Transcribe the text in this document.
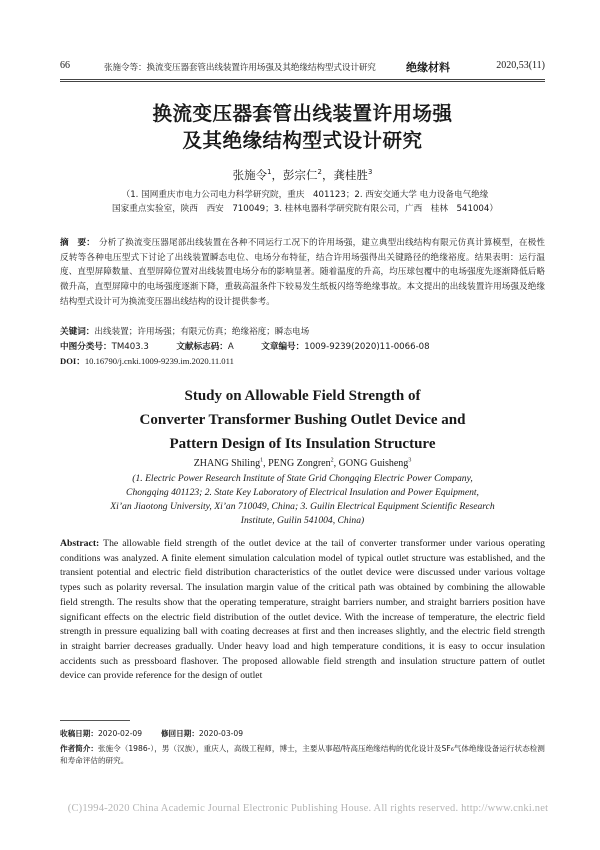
66	张施令等：换流变压器套管出线装置许用场强及其绝缘结构型式设计研究	绝缘材料	2020,53(11)
换流变压器套管出线装置许用场强
及其绝缘结构型式设计研究
张施令$^1$，彭宗仁$^2$，龚桂胜$^3$
（1. 国网重庆市电力公司电力科学研究院，重庆　401123；2. 西安交通大学 电力设备电气绝缘
国家重点实验室，陕西　西安　710049；3. 桂林电器科学研究院有限公司，广西　桂林　541004）
摘　要： 分析了换流变压器尾部出线装置在各种不同运行工况下的许用场强，建立典型出线结构有限元仿真计算模型，在极性反转等各种电压型式下讨论了出线装置瞬态电位、电场分布特征，结合许用场强得出关键路径的绝缘裕度。结果表明：运行温度、直型屏障数量、直型屏障位置对出线装置电场分布的影响显著。随着温度的升高，均压球包覆中的电场强度先逐渐降低后略微升高，直型屏障中的电场强度逐渐下降，重载高温条件下较易发生纸板闪络等绝缘事故。本文提出的出线装置许用场强及绝缘结构型式设计可为换流变压器出线结构的设计提供参考。
关键词：出线装置；许用场强；有限元仿真；绝缘裕度；瞬态电场
中图分类号：TM403.3	文献标志码：A	文章编号：1009-9239(2020)11-0066-08
DOI：10.16790/j.cnki.1009-9239.im.2020.11.011
Study on Allowable Field Strength of
Converter Transformer Bushing Outlet Device and
Pattern Design of Its Insulation Structure
ZHANG Shiling$^1$, PENG Zongren$^2$, GONG Guisheng$^3$
(1. Electric Power Research Institute of State Grid Chongqing Electric Power Company,
Chongqing 401123; 2. State Key Laboratory of Electrical Insulation and Power Equipment,
Xi’an Jiaotong University, Xi’an 710049, China; 3. Guilin Electrical Equipment Scientific Research
Institute, Guilin 541004, China)
Abstract: The allowable field strength of the outlet device at the tail of converter transformer under various operating conditions was analyzed. A finite element simulation calculation model of typical outlet structure was established, and the transient potential and electric field distribution characteristics of the outlet device were discussed under various voltage types such as polarity reversal. The insulation margin value of the critical path was obtained by combining the allowable field strength. The results show that the operating temperature, straight barriers number, and straight barriers position have significant effects on the electric field distribution of the outlet device. With the increase of temperature, the electric field strength in pressure equalizing ball with coating decreases at first and then increases slightly, and the electric field strength in straight barrier decreases gradually. Under heavy load and high temperature conditions, it is easy to occur insulation accidents such as pressboard flashover. The proposed allowable field strength and insulation structure pattern of outlet device can provide reference for the design of outlet
收稿日期：2020-02-09 修回日期：2020-03-09
作者简介：张施令（1986-），男（汉族），重庆人，高级工程师，博士，主要从事超/特高压绝缘结构的优化设计及SF₆气体绝缘设备运行状态检测和寿命评估的研究。
(C)1994-2020 China Academic Journal Electronic Publishing House. All rights reserved. http://www.cnki.net
